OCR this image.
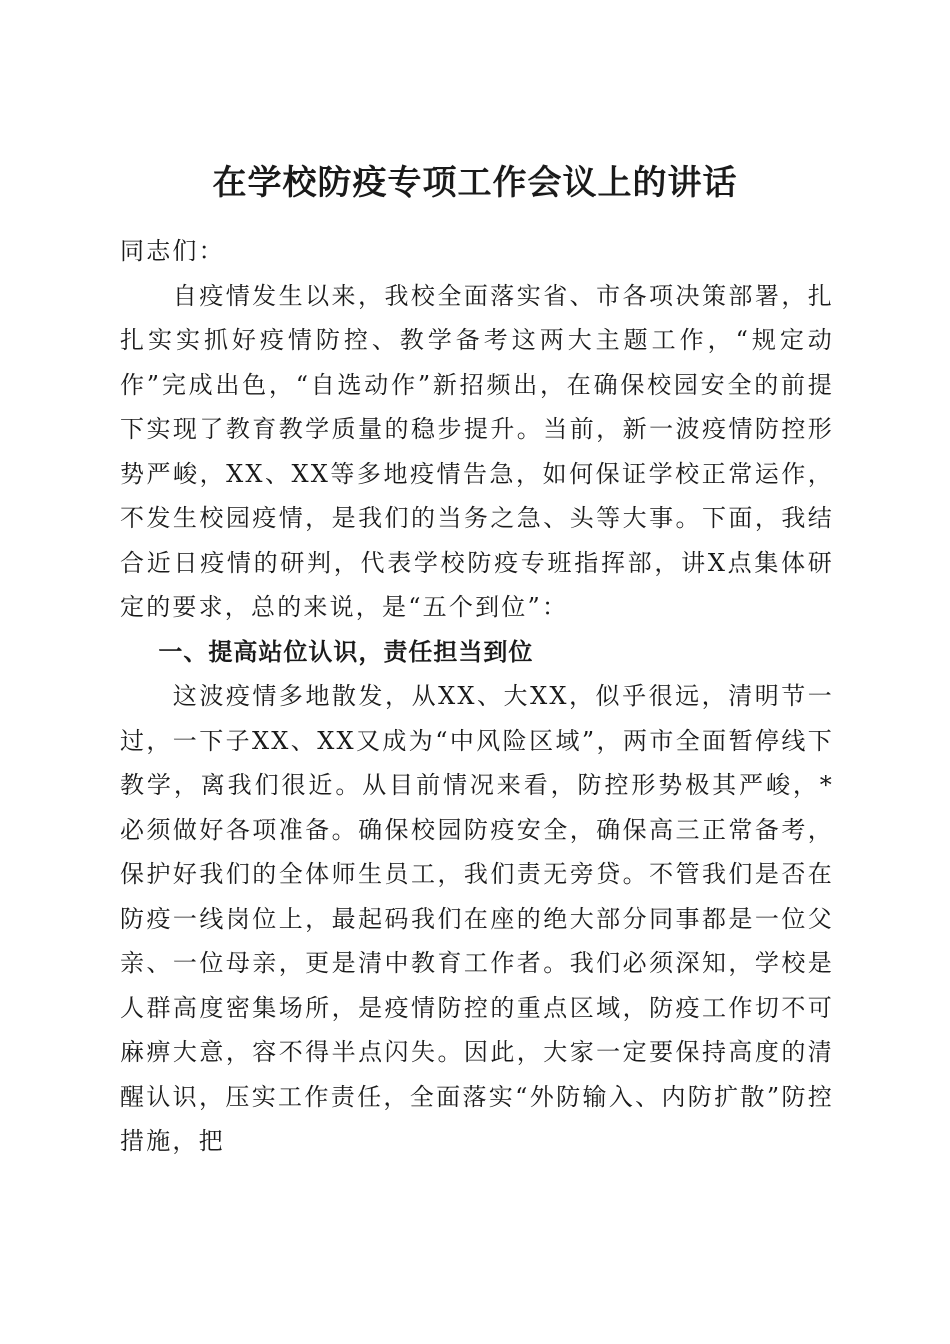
在学校防疫专项工作会议上的讲话

同志们：

自疫情发生以来，我校全面落实省、市各项决策部署，扎扎实实抓好疫情防控、教学备考这两大主题工作，“规定动作”完成出色，“自选动作”新招频出，在确保校园安全的前提下实现了教育教学质量的稳步提升。当前，新一波疫情防控形势严峻，XX、XX等多地疫情告急，如何保证学校正常运作，不发生校园疫情，是我们的当务之急、头等大事。下面，我结合近日疫情的研判，代表学校防疫专班指挥部，讲X点集体研定的要求，总的来说，是“五个到位”：

一、提高站位认识，责任担当到位

这波疫情多地散发，从XX、大XX，似乎很远，清明节一过，一下子XX、XX又成为“中风险区域”，两市全面暂停线下教学，离我们很近。从目前情况来看，防控形势极其严峻，*必须做好各项准备。确保校园防疫安全，确保高三正常备考，保护好我们的全体师生员工，我们责无旁贷。不管我们是否在防疫一线岗位上，最起码我们在座的绝大部分同事都是一位父亲、一位母亲，更是清中教育工作者。我们必须深知，学校是人群高度密集场所，是疫情防控的重点区域，防疫工作切不可麻痹大意，容不得半点闪失。因此，大家一定要保持高度的清醒认识，压实工作责任，全面落实“外防输入、内防扩散”防控措施，把
